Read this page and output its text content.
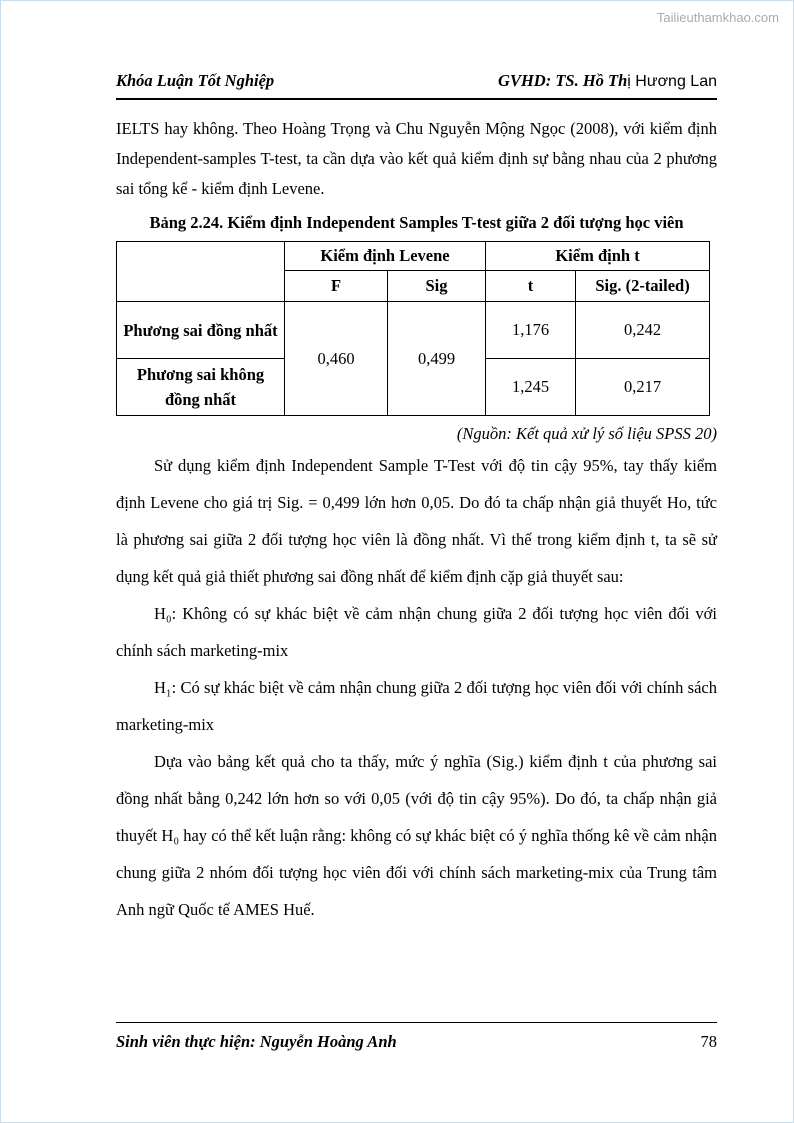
Tailieuthamkhao.com
Khóa Luận Tốt Nghiệp	GVHD: TS. Hồ Thị Hương Lan

IELTS hay không. Theo Hoàng Trọng và Chu Nguyễn Mộng Ngọc (2008), với kiểm định Independent-samples T-test, ta cần dựa vào kết quả kiểm định sự bằng nhau của 2 phương sai tổng kể - kiểm định Levene.

Bảng 2.24. Kiểm định Independent Samples T-test giữa 2 đối tượng học viên

	Kiểm định Levene		Kiểm định t	
	F	Sig	t	Sig. (2-tailed)
Phương sai đồng nhất	0,460	0,499	1,176	0,242
Phương sai không đồng nhất			1,245	0,217

(Nguồn: Kết quả xử lý số liệu SPSS 20)

Sử dụng kiểm định Independent Sample T-Test với độ tin cậy 95%, tay thấy kiểm định Levene cho giá trị Sig. = 0,499 lớn hơn 0,05. Do đó ta chấp nhận giả thuyết Ho, tức là phương sai giữa 2 đối tượng học viên là đồng nhất. Vì thế trong kiểm định t, ta sẽ sử dụng kết quả giả thiết phương sai đồng nhất để kiểm định cặp giả thuyết sau:

H₀: Không có sự khác biệt về cảm nhận chung giữa 2 đối tượng học viên đối với chính sách marketing-mix

H₁: Có sự khác biệt về cảm nhận chung giữa 2 đối tượng học viên đối với chính sách marketing-mix

Dựa vào bảng kết quả cho ta thấy, mức ý nghĩa (Sig.) kiểm định t của phương sai đồng nhất bằng 0,242 lớn hơn so với 0,05 (với độ tin cậy 95%). Do đó, ta chấp nhận giả thuyết H₀ hay có thể kết luận rằng: không có sự khác biệt có ý nghĩa thống kê về cảm nhận chung giữa 2 nhóm đối tượng học viên đối với chính sách marketing-mix của Trung tâm Anh ngữ Quốc tế AMES Huế.

Sinh viên thực hiện: Nguyễn Hoàng Anh	78
